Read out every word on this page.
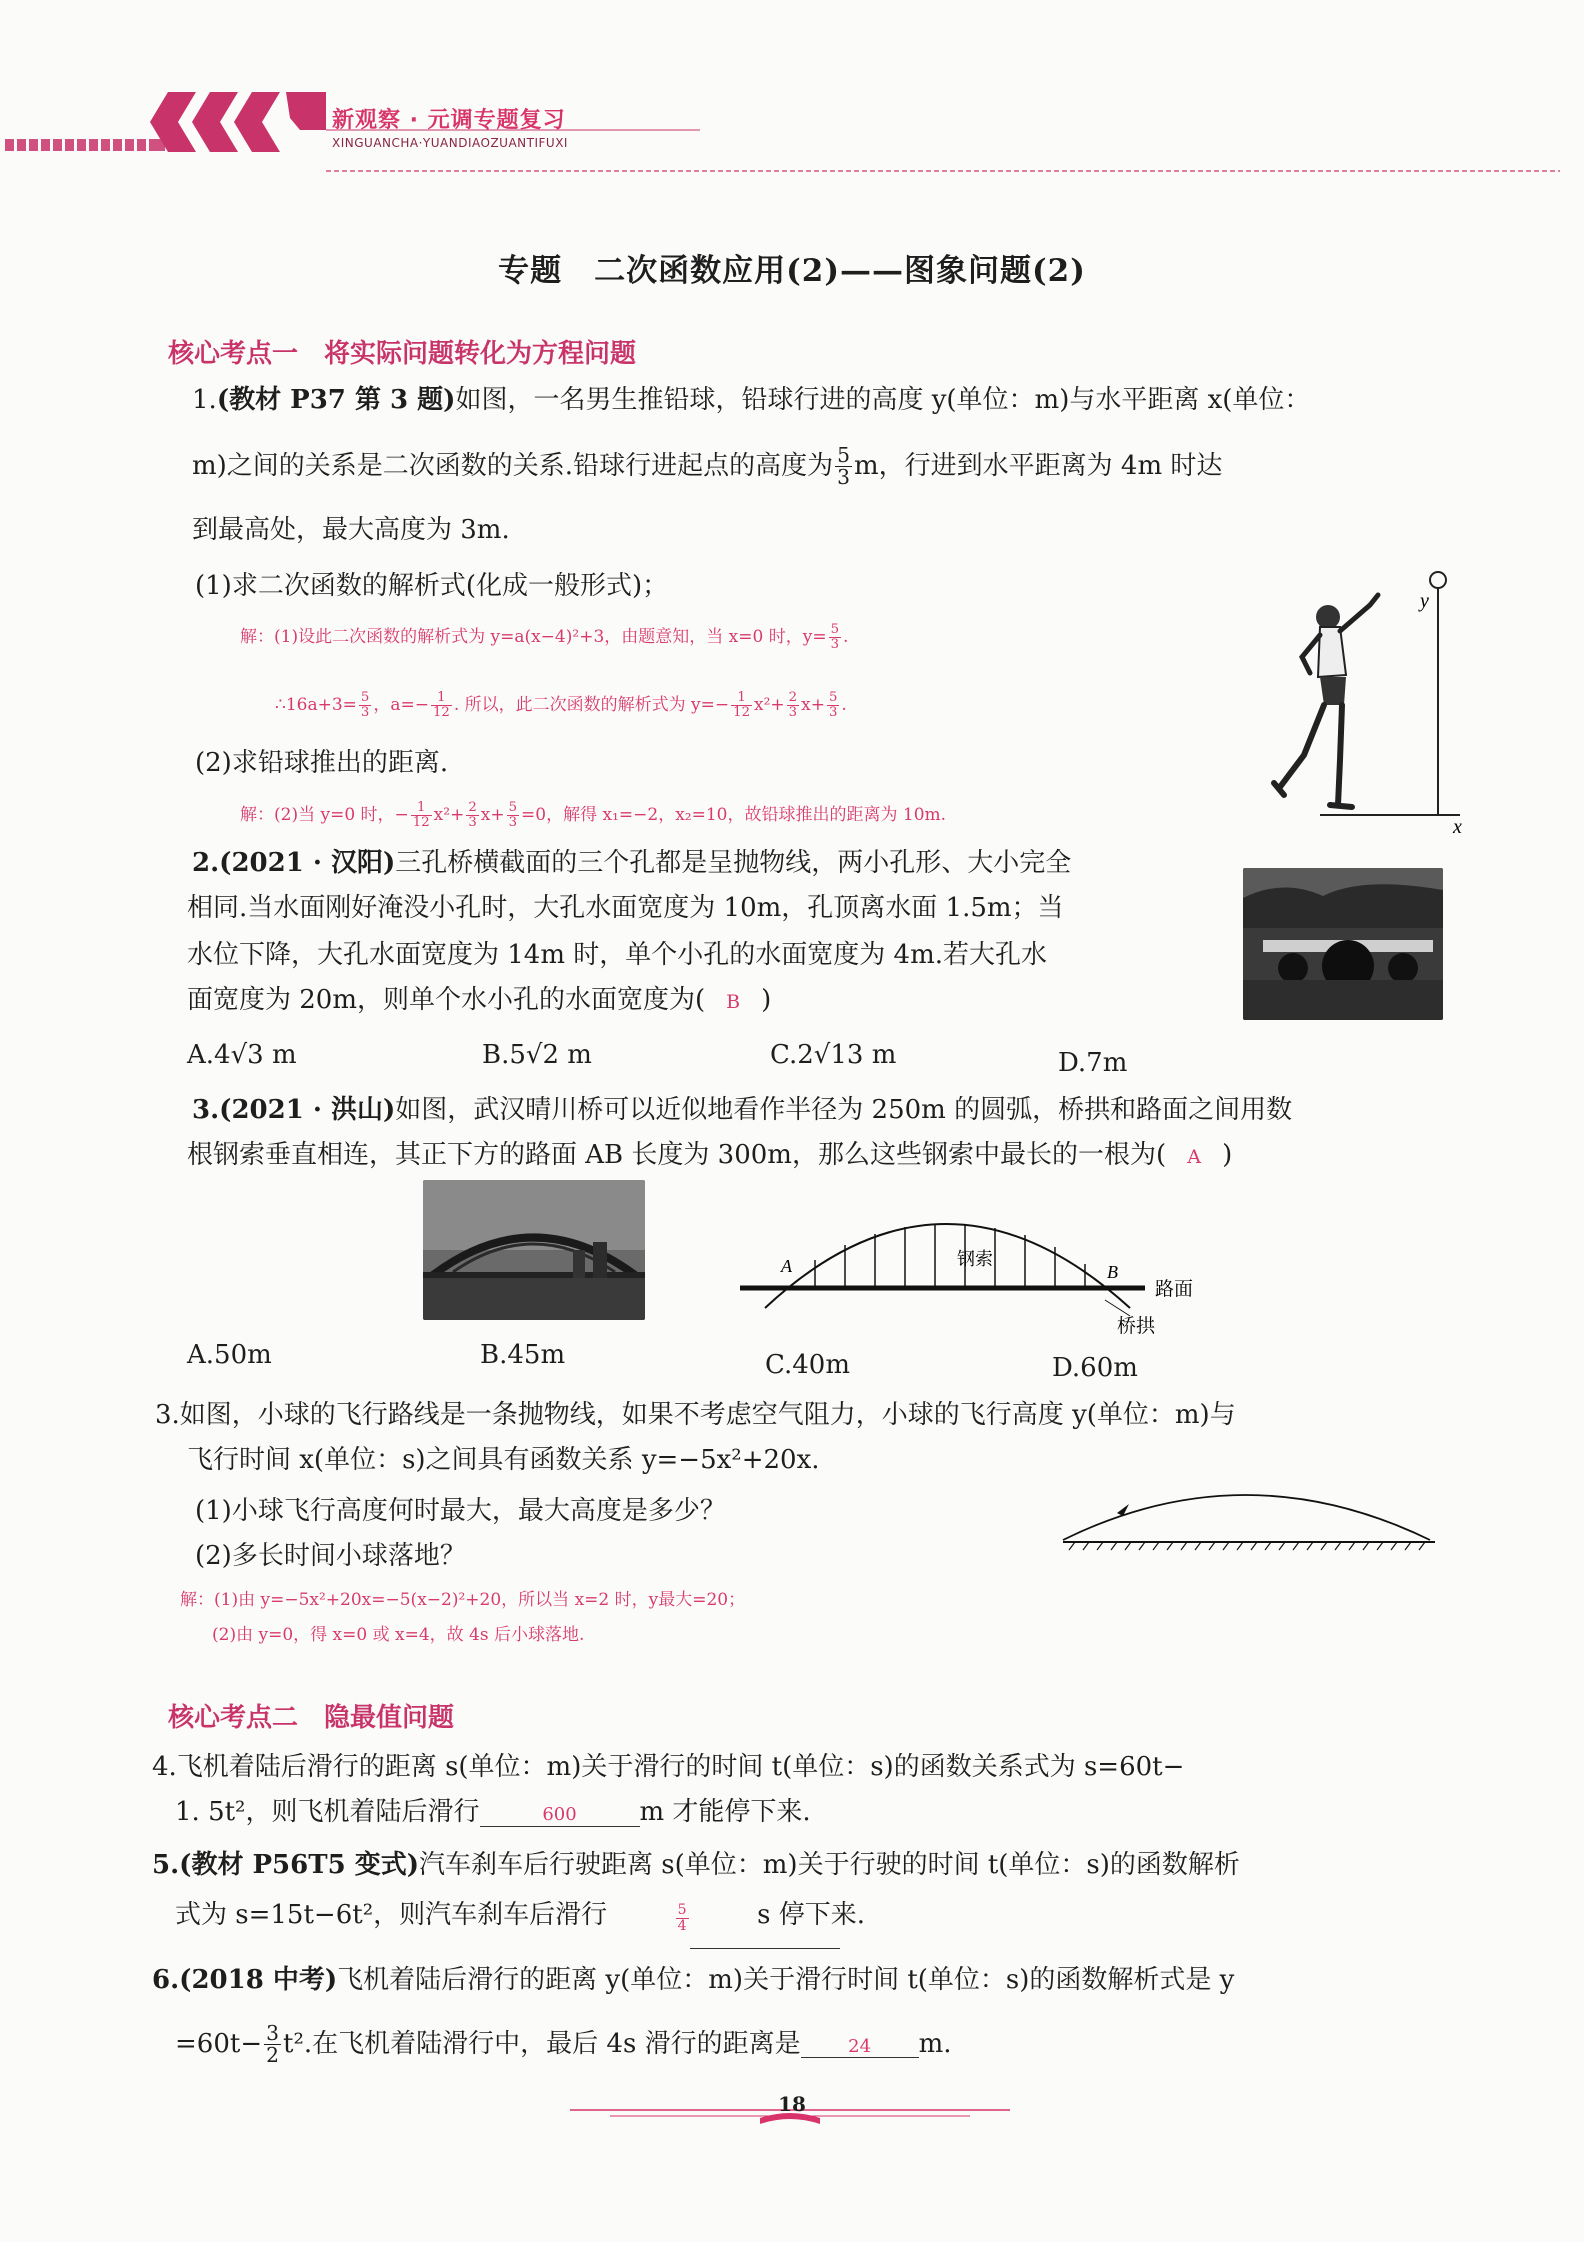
新观察 · 元调专题复习
XINGUANCHA·YUANDIAOZUANTIFUXI
专题　二次函数应用(2)——图象问题(2)
核心考点一　将实际问题转化为方程问题
1.(教材 P37 第 3 题)如图，一名男生推铅球，铅球行进的高度 y(单位：m)与水平距离 x(单位：
m)之间的关系是二次函数的关系.铅球行进起点的高度为 $\frac{5}{3}$ m，行进到水平距离为 4m 时达
到最高处，最大高度为 3m.
(1)求二次函数的解析式(化成一般形式)；
解：(1)设此二次函数的解析式为 y=a(x−4)²+3，由题意知，当 x=0 时，$y= \frac{5}{3}$ .
∴16a+3= $\frac{5}{3}$ ，$a=- \frac{1}{12}$ . 所以，此二次函数的解析式为 $y=- \frac{1}{12} x^2+ \frac{2}{3} x+ \frac{5}{3}$ .
(2)求铅球推出的距离.
解：(2)当 y=0 时，− $\frac{1}{12} x^2+ \frac{2}{3} x+ \frac{5}{3} =0$，解得 x₁=−2，x₂=10，故铅球推出的距离为 10m.
y
x
2.(2021 · 汉阳)三孔桥横截面的三个孔都是呈抛物线，两小孔形、大小完全
相同.当水面刚好淹没小孔时，大孔水面宽度为 10m，孔顶离水面 1.5m；当
水位下降，大孔水面宽度为 14m 时，单个小孔的水面宽度为 4m.若大孔水
面宽度为 20m，则单个水小孔的水面宽度为( B )
A.4√3 m	B.5√2 m	C.2√13 m	D.7m
3.(2021 · 洪山)如图，武汉晴川桥可以近似地看作半径为 250m 的圆弧，桥拱和路面之间用数
根钢索垂直相连，其正下方的路面 AB 长度为 300m，那么这些钢索中最长的一根为( A )
A	B
钢索
路面
桥拱
A.50m	B.45m	C.40m	D.60m
3.如图，小球的飞行路线是一条抛物线，如果不考虑空气阻力，小球的飞行高度 y(单位：m)与
飞行时间 x(单位：s)之间具有函数关系 y=−5x²+20x.
(1)小球飞行高度何时最大，最大高度是多少？
(2)多长时间小球落地？
解：(1)由 y=−5x²+20x=−5(x−2)²+20，所以当 x=2 时，y最大=20；
(2)由 y=0，得 x=0 或 x=4，故 4s 后小球落地.
核心考点二　隐最值问题
4.飞机着陆后滑行的距离 s(单位：m)关于滑行的时间 t(单位：s)的函数关系式为 s=60t−
1. 5t²，则飞机着陆后滑行	600 m 才能停下来.
5.(教材 P56T5 变式)汽车刹车后行驶距离 s(单位：m)关于行驶的时间 t(单位：s)的函数解析
式为 s=15t−6t²，则汽车刹车后滑行	$\frac{5}{4}$	s 停下来.
6.(2018 中考)飞机着陆后滑行的距离 y(单位：m)关于滑行时间 t(单位：s)的函数解析式是 y
$=60t- \frac{3}{2} t^2$.在飞机着陆滑行中，最后 4s 滑行的距离是	24 m.
18
